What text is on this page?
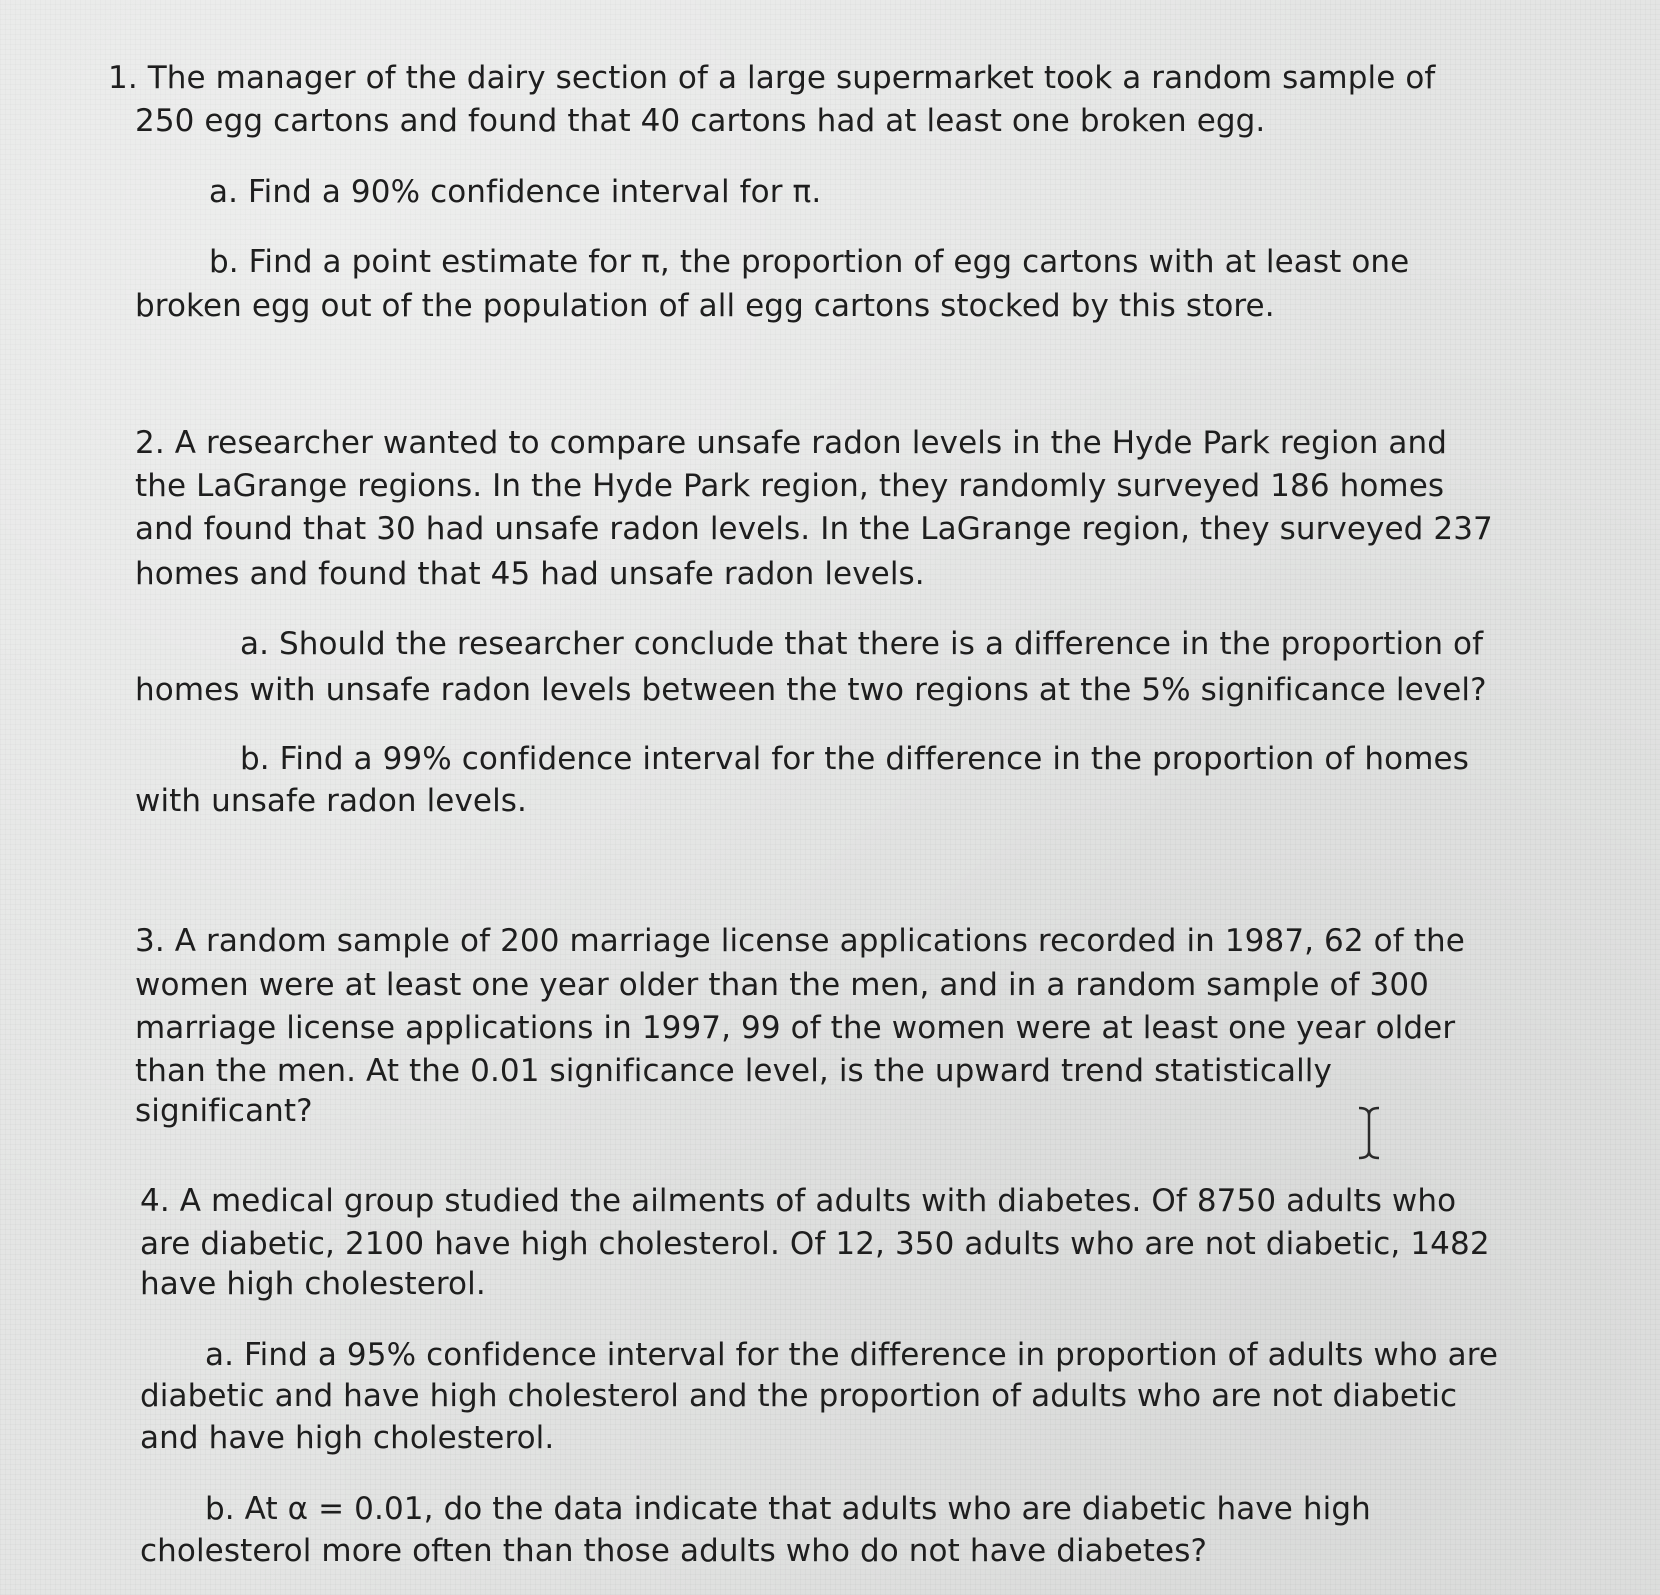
1. The manager of the dairy section of a large supermarket took a random sample of
250 egg cartons and found that 40 cartons had at least one broken egg.
a. Find a 90% confidence interval for π.
b. Find a point estimate for π, the proportion of egg cartons with at least one
broken egg out of the population of all egg cartons stocked by this store.
2. A researcher wanted to compare unsafe radon levels in the Hyde Park region and
the LaGrange regions. In the Hyde Park region, they randomly surveyed 186 homes
and found that 30 had unsafe radon levels. In the LaGrange region, they surveyed 237
homes and found that 45 had unsafe radon levels.
a. Should the researcher conclude that there is a difference in the proportion of
homes with unsafe radon levels between the two regions at the 5% significance level?
b. Find a 99% confidence interval for the difference in the proportion of homes
with unsafe radon levels.
3. A random sample of 200 marriage license applications recorded in 1987, 62 of the
women were at least one year older than the men, and in a random sample of 300
marriage license applications in 1997, 99 of the women were at least one year older
than the men. At the 0.01 significance level, is the upward trend statistically
significant?
4. A medical group studied the ailments of adults with diabetes. Of 8750 adults who
are diabetic, 2100 have high cholesterol. Of 12, 350 adults who are not diabetic, 1482
have high cholesterol.
a. Find a 95% confidence interval for the difference in proportion of adults who are
diabetic and have high cholesterol and the proportion of adults who are not diabetic
and have high cholesterol.
b. At α = 0.01, do the data indicate that adults who are diabetic have high
cholesterol more often than those adults who do not have diabetes?
